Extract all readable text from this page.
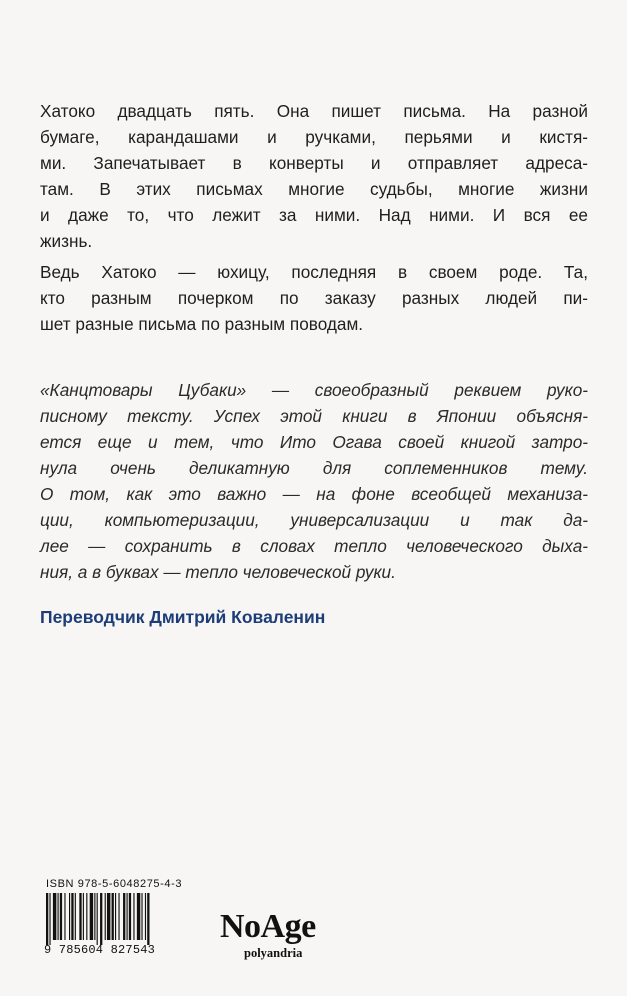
Хатоко двадцать пять. Она пишет письма. На разной
бумаге, карандашами и ручками, перьями и кистя-
ми. Запечатывает в конверты и отправляет адреса-
там. В этих письмах многие судьбы, многие жизни
и даже то, что лежит за ними. Над ними. И вся ее
жизнь.
Ведь Хатоко — юхицу, последняя в своем роде. Та,
кто разным почерком по заказу разных людей пи-
шет разные письма по разным поводам.
«Канцтовары Цубаки» — своеобразный реквием руко-
писному тексту. Успех этой книги в Японии объясня-
ется еще и тем, что Ито Огава своей книгой затро-
нула очень деликатную для соплеменников тему.
О том, как это важно — на фоне всеобщей механиза-
ции, компьютеризации, универсализации и так да-
лее — сохранить в словах тепло человеческого дыха-
ния, а в буквах — тепло человеческой руки.
Переводчик Дмитрий Коваленин
ISBN 978-5-6048275-4-3
9 785604 827543
NoAge
polyandria
